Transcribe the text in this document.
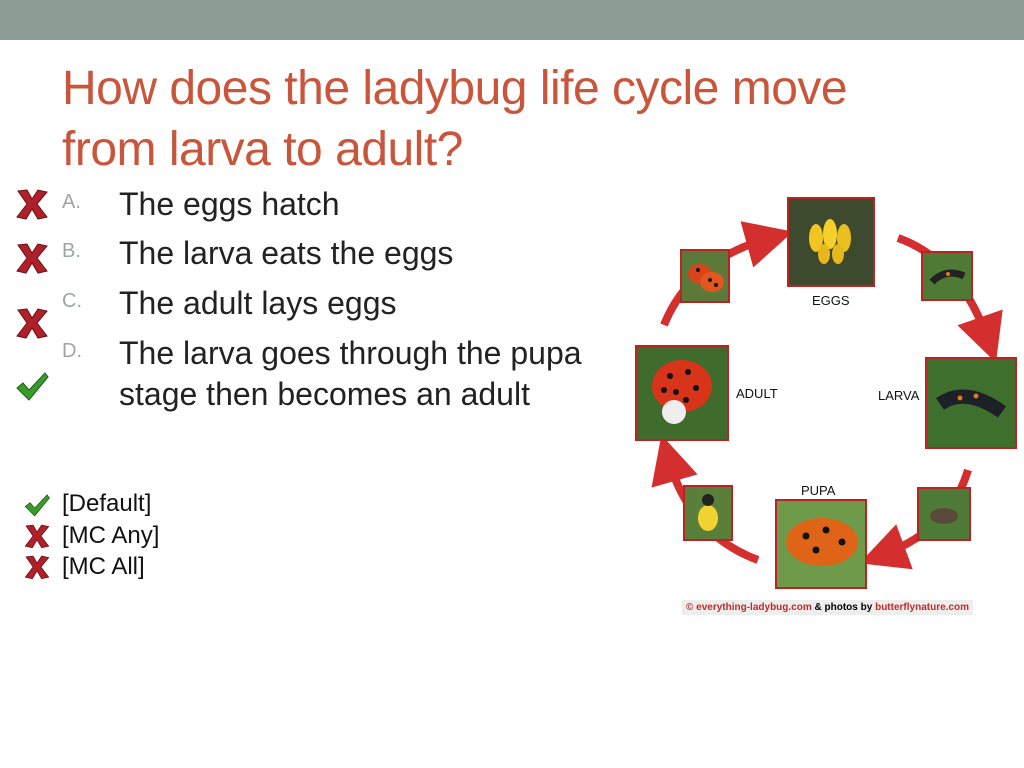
How does the ladybug life cycle move from larva to adult?
A. The eggs hatch
B. The larva eats the eggs
C. The adult lays eggs
D. The larva goes through the pupa stage then becomes an adult
[Default]
[MC Any]
[MC All]
EGGS
LARVA
PUPA
ADULT
© everything-ladybug.com & photos by butterflynature.com
